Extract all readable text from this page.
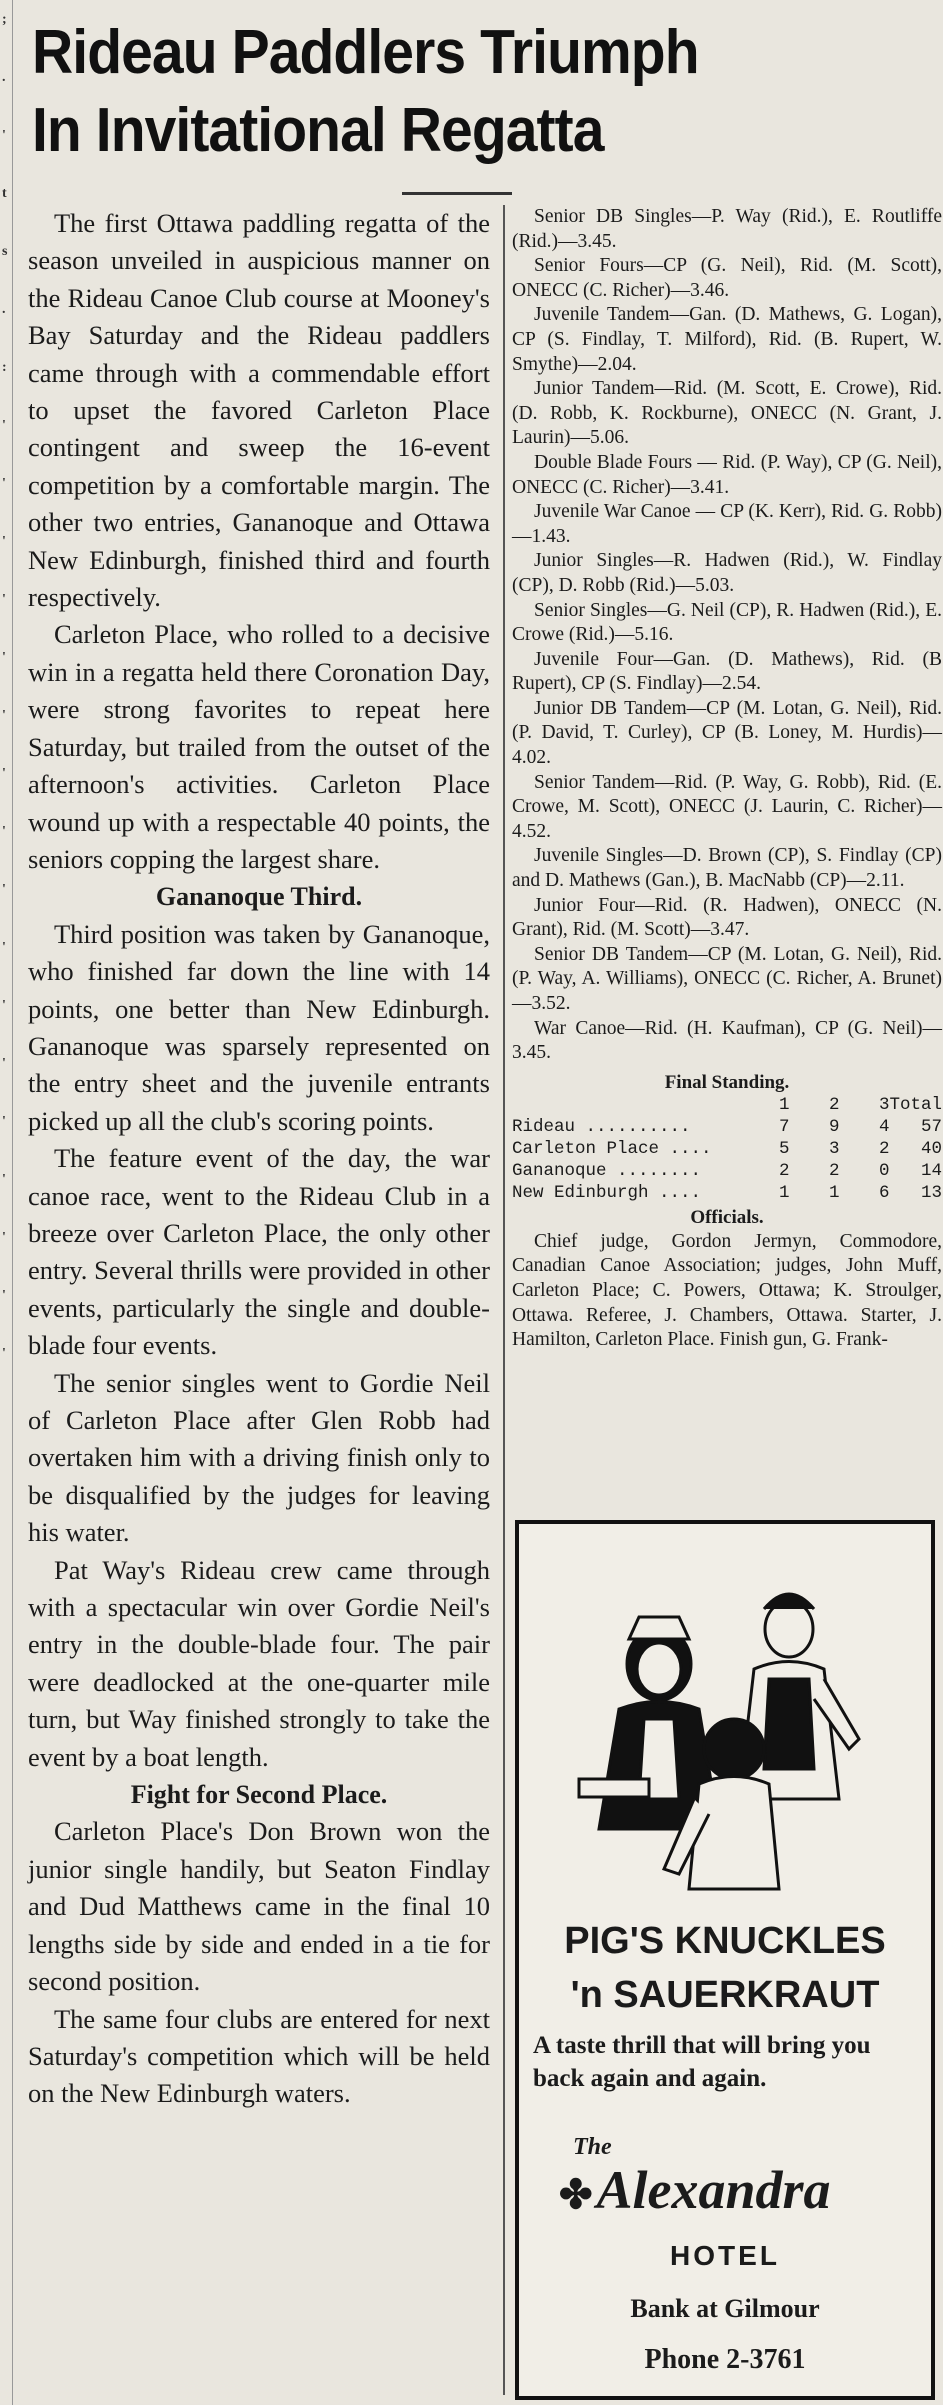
;
.
'
t
s
.
:
'
'
'
'
'
'
'
'
'
'
'
'
'
'
'
'
'
Rideau Paddlers Triumph
In Invitational Regatta

The first Ottawa paddling regatta of the season unveiled in auspicious manner on the Rideau Canoe Club course at Mooney's Bay Saturday and the Rideau paddlers came through with a commendable effort to upset the favored Carleton Place contingent and sweep the 16-event competition by a comfortable margin. The other two entries, Gananoque and Ottawa New Edinburgh, finished third and fourth respectively.

Carleton Place, who rolled to a decisive win in a regatta held there Coronation Day, were strong favorites to repeat here Saturday, but trailed from the outset of the afternoon's activities. Carleton Place wound up with a respectable 40 points, the seniors copping the largest share.

Gananoque Third.

Third position was taken by Gananoque, who finished far down the line with 14 points, one better than New Edinburgh. Gananoque was sparsely represented on the entry sheet and the juvenile entrants picked up all the club's scoring points.

The feature event of the day, the war canoe race, went to the Rideau Club in a breeze over Carleton Place, the only other entry. Several thrills were provided in other events, particularly the single and double-blade four events.

The senior singles went to Gordie Neil of Carleton Place after Glen Robb had overtaken him with a driving finish only to be disqualified by the judges for leaving his water.

Pat Way's Rideau crew came through with a spectacular win over Gordie Neil's entry in the double-blade four. The pair were deadlocked at the one-quarter mile turn, but Way finished strongly to take the event by a boat length.

Fight for Second Place.

Carleton Place's Don Brown won the junior single handily, but Seaton Findlay and Dud Matthews came in the final 10 lengths side by side and ended in a tie for second position.

The same four clubs are entered for next Saturday's competition which will be held on the New Edinburgh waters.

Senior DB Singles—P. Way (Rid.), E. Routliffe (Rid.)—3.45.

Senior Fours—CP (G. Neil), Rid. (M. Scott), ONECC (C. Richer)—3.46.

Juvenile Tandem—Gan. (D. Mathews, G. Logan), CP (S. Findlay, T. Milford), Rid. (B. Rupert, W. Smythe)—2.04.

Junior Tandem—Rid. (M. Scott, E. Crowe), Rid. (D. Robb, K. Rockburne), ONECC (N. Grant, J. Laurin)—5.06.

Double Blade Fours — Rid. (P. Way), CP (G. Neil), ONECC (C. Richer)—3.41.

Juvenile War Canoe — CP (K. Kerr), Rid. G. Robb)—1.43.

Junior Singles—R. Hadwen (Rid.), W. Findlay (CP), D. Robb (Rid.)—5.03.

Senior Singles—G. Neil (CP), R. Hadwen (Rid.), E. Crowe (Rid.)—5.16.

Juvenile Four—Gan. (D. Mathews), Rid. (B Rupert), CP (S. Findlay)—2.54.

Junior DB Tandem—CP (M. Lotan, G. Neil), Rid. (P. David, T. Curley), CP (B. Loney, M. Hurdis)—4.02.

Senior Tandem—Rid. (P. Way, G. Robb), Rid. (E. Crowe, M. Scott), ONECC (J. Laurin, C. Richer)—4.52.

Juvenile Singles—D. Brown (CP), S. Findlay (CP) and D. Mathews (Gan.), B. MacNabb (CP)—2.11.

Junior Four—Rid. (R. Hadwen), ONECC (N. Grant), Rid. (M. Scott)—3.47.

Senior DB Tandem—CP (M. Lotan, G. Neil), Rid. (P. Way, A. Williams), ONECC (C. Richer, A. Brunet)—3.52.

War Canoe—Rid. (H. Kaufman), CP (G. Neil)—3.45.

Final Standing.
	1	2	3	Total
Rideau ..........	7	9	4	57
Carleton Place ....	5	3	2	40
Gananoque ........	2	2	0	14
New Edinburgh ....	1	1	6	13
Officials.

Chief judge, Gordon Jermyn, Commodore, Canadian Canoe Association; judges, John Muff, Carleton Place; C. Powers, Ottawa; K. Stroulger, Ottawa. Referee, J. Chambers, Ottawa. Starter, J. Hamilton, Carleton Place. Finish gun, G. Frank-

PIG'S KNUCKLES
'n SAUERKRAUT
A taste thrill that will bring you back again and again.
The
✤Alexandra
HOTEL
Bank at Gilmour
Phone 2-3761
